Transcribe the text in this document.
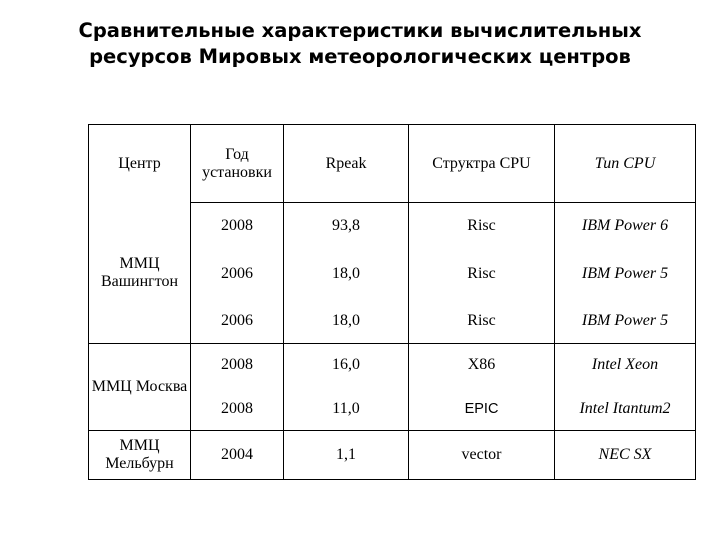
Сравнительные характеристики вычислительных
ресурсов Мировых метеорологических центров
Центр	Год установки	Rpeak	Структра CPU	Тип CPU
ММЦ Вашингтон	2008	93,8	Risc	IBM Power 6
	2006	18,0	Risc	IBM Power 5
	2006	18,0	Risc	IBM Power 5
ММЦ Москва	2008	16,0	X86	Intel Xeon
	2008	11,0	EPIC	Intel Itantum2
ММЦ Мельбурн	2004	1,1	vector	NEC SX
